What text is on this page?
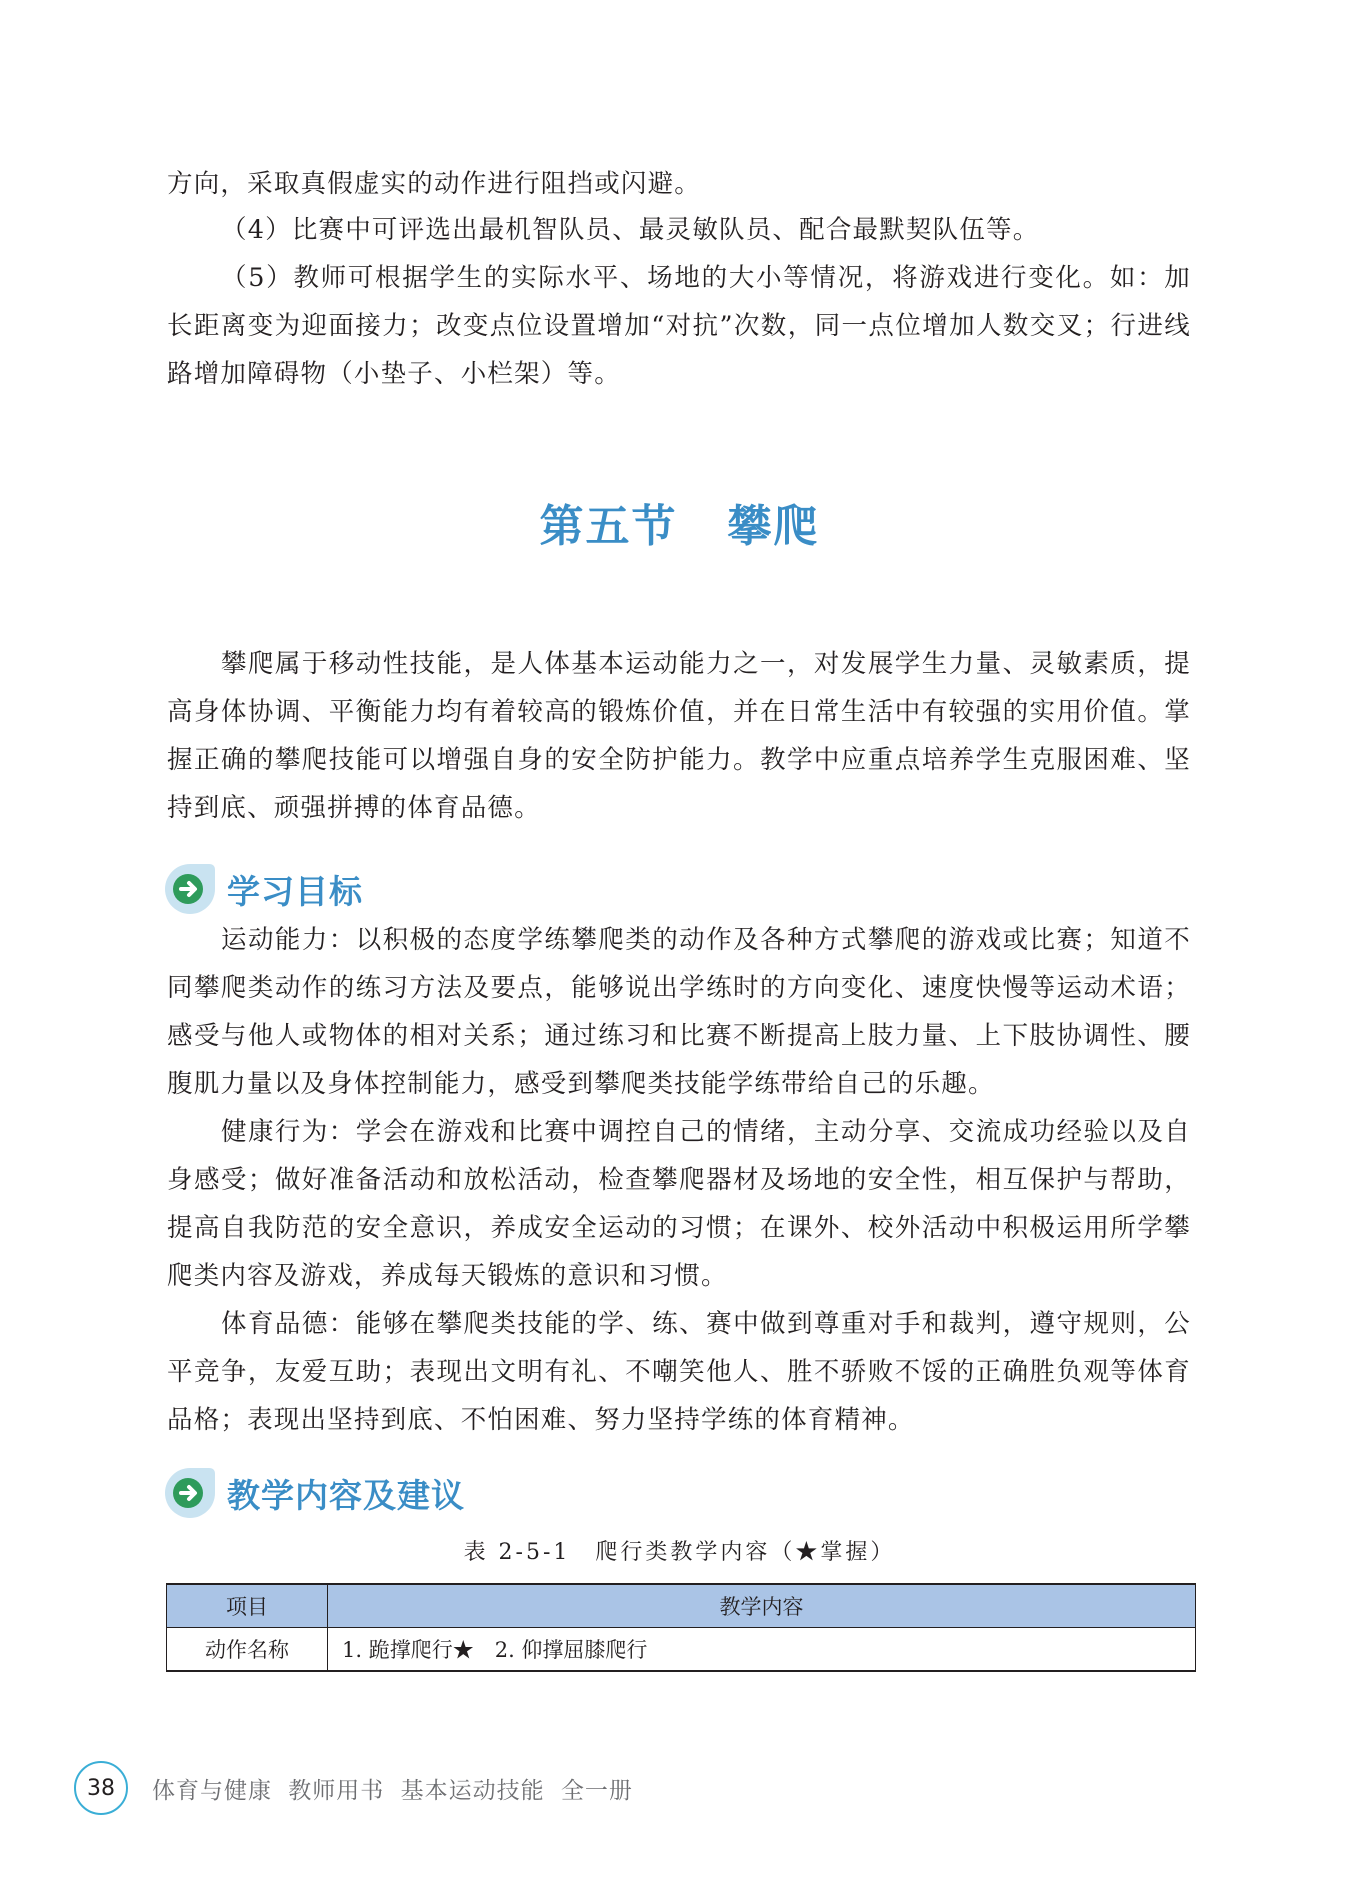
方向，采取真假虚实的动作进行阻挡或闪避。

（4）比赛中可评选出最机智队员、最灵敏队员、配合最默契队伍等。

（5）教师可根据学生的实际水平、场地的大小等情况，将游戏进行变化。如：加长距离变为迎面接力；改变点位设置增加“对抗”次数，同一点位增加人数交叉；行进线路增加障碍物（小垫子、小栏架）等。

第五节 攀爬

攀爬属于移动性技能，是人体基本运动能力之一，对发展学生力量、灵敏素质，提高身体协调、平衡能力均有着较高的锻炼价值，并在日常生活中有较强的实用价值。掌握正确的攀爬技能可以增强自身的安全防护能力。教学中应重点培养学生克服困难、坚持到底、顽强拼搏的体育品德。

学习目标

运动能力：以积极的态度学练攀爬类的动作及各种方式攀爬的游戏或比赛；知道不同攀爬类动作的练习方法及要点，能够说出学练时的方向变化、速度快慢等运动术语；感受与他人或物体的相对关系；通过练习和比赛不断提高上肢力量、上下肢协调性、腰腹肌力量以及身体控制能力，感受到攀爬类技能学练带给自己的乐趣。

健康行为：学会在游戏和比赛中调控自己的情绪，主动分享、交流成功经验以及自身感受；做好准备活动和放松活动，检查攀爬器材及场地的安全性，相互保护与帮助，提高自我防范的安全意识，养成安全运动的习惯；在课外、校外活动中积极运用所学攀爬类内容及游戏，养成每天锻炼的意识和习惯。

体育品德：能够在攀爬类技能的学、练、赛中做到尊重对手和裁判，遵守规则，公平竞争，友爱互助；表现出文明有礼、不嘲笑他人、胜不骄败不馁的正确胜负观等体育品格；表现出坚持到底、不怕困难、努力坚持学练的体育精神。

教学内容及建议
表 2-5-1　爬行类教学内容（★掌握）
项目	教学内容
动作名称	1. 跪撑爬行★　2. 仰撑屈膝爬行
38	体育与健康 教师用书 基本运动技能 全一册
